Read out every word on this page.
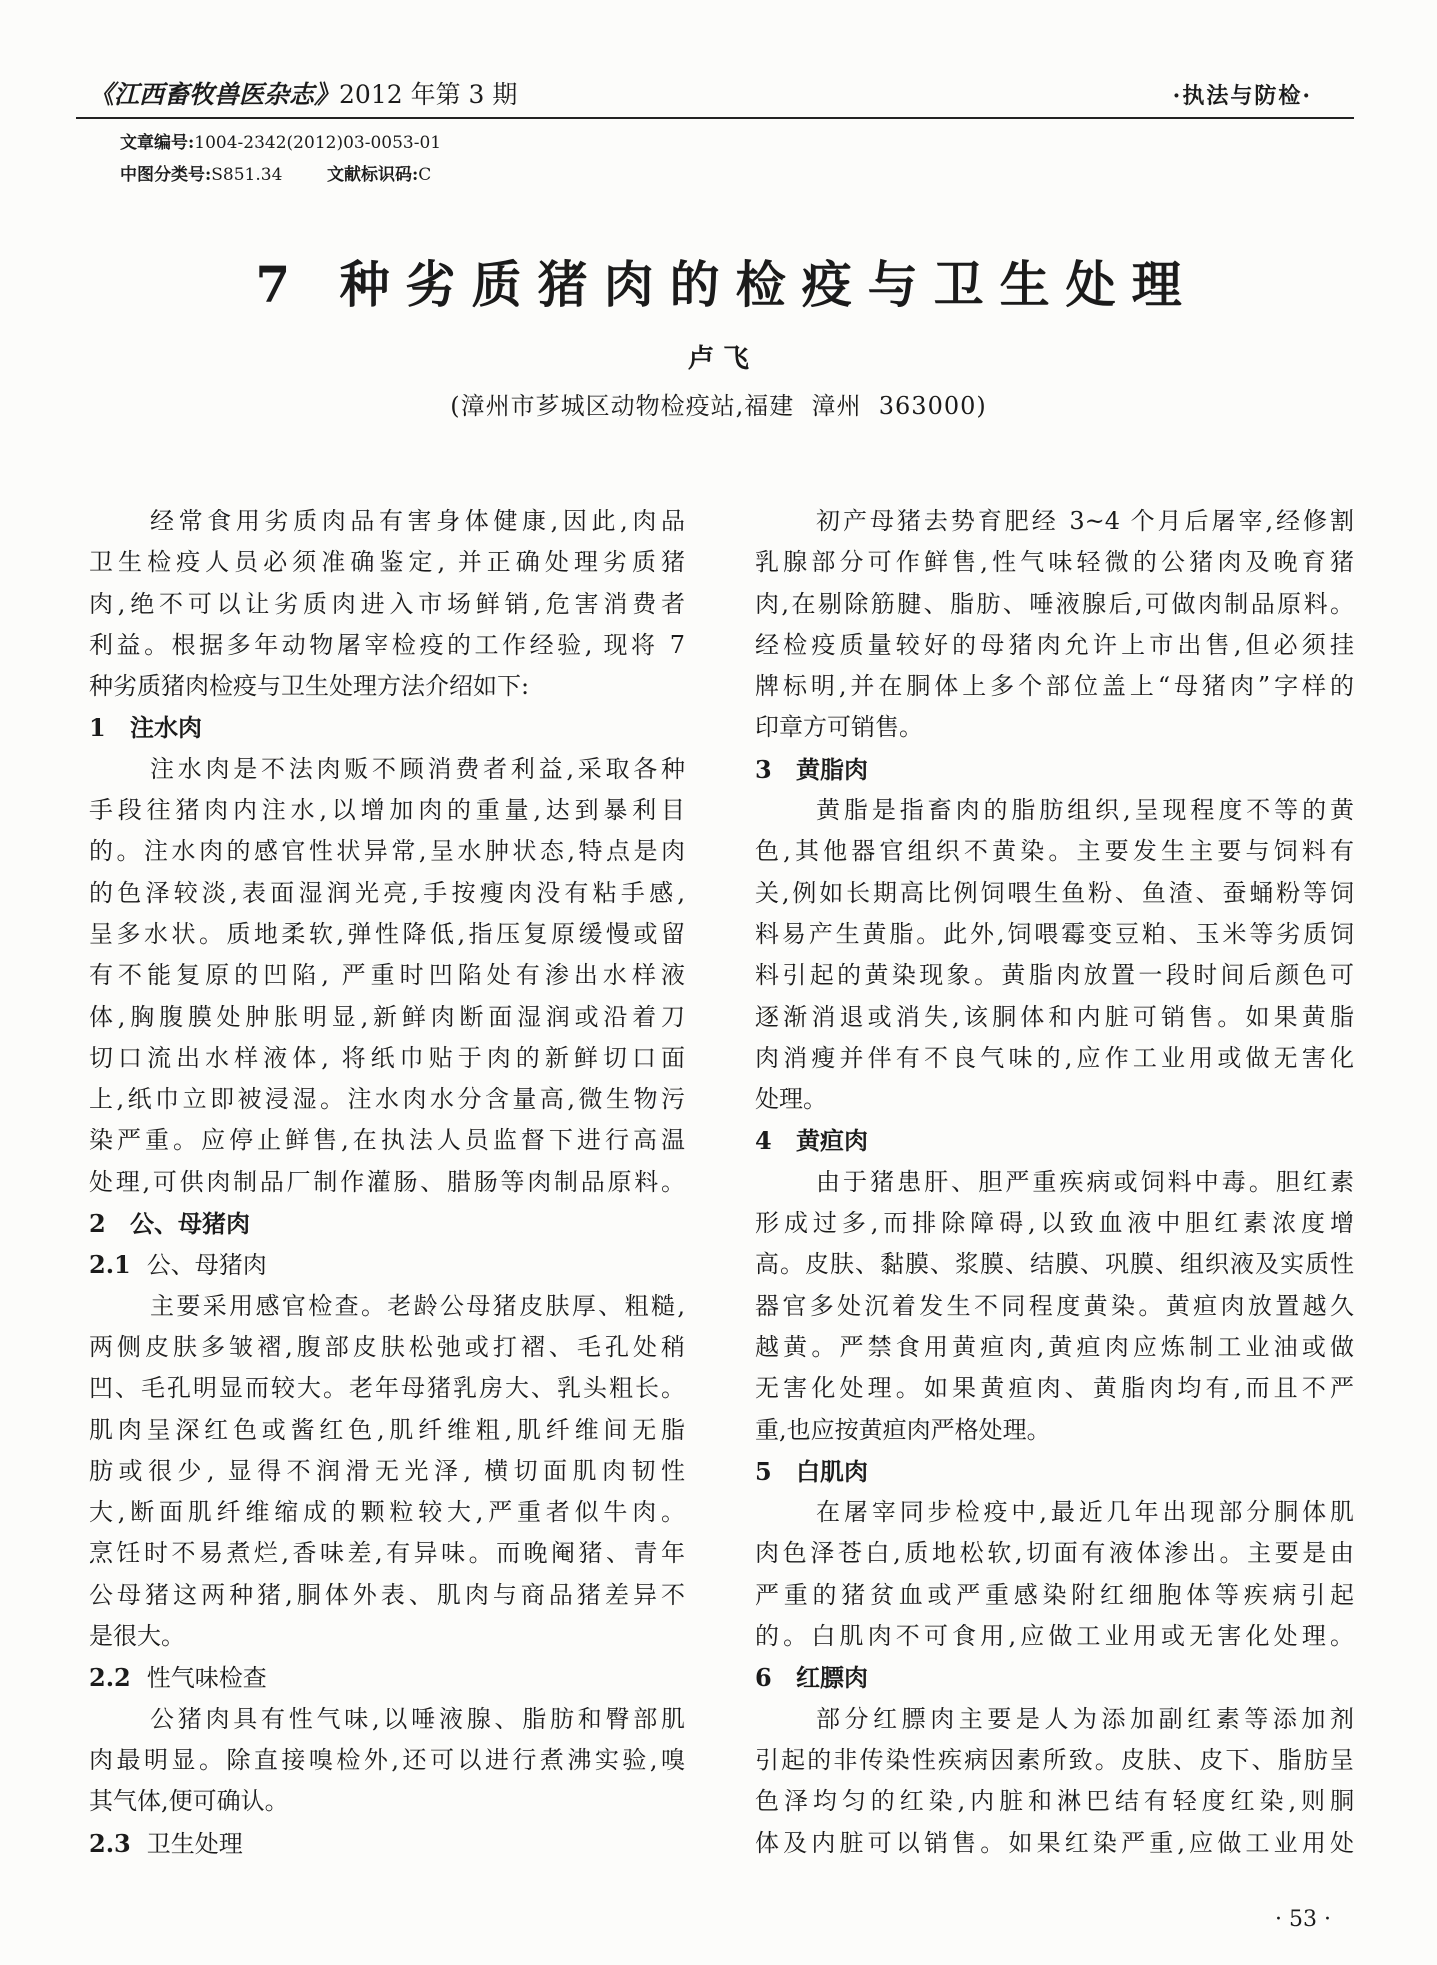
《江西畜牧兽医杂志》2012 年第 3 期	·执法与防检·
文章编号:1004-2342(2012)03-0053-01
中图分类号:S851.34	文献标识码:C
7 种劣质猪肉的检疫与卫生处理
卢 飞
(漳州市芗城区动物检疫站,福建  漳州  363000)
经常食用劣质肉品有害身体健康,因此,肉品
卫生检疫人员必须准确鉴定, 并正确处理劣质猪
肉,绝不可以让劣质肉进入市场鲜销,危害消费者
利益。根据多年动物屠宰检疫的工作经验, 现将 7
种劣质猪肉检疫与卫生处理方法介绍如下:
1 注水肉
注水肉是不法肉贩不顾消费者利益,采取各种
手段往猪肉内注水,以增加肉的重量,达到暴利目
的。注水肉的感官性状异常,呈水肿状态,特点是肉
的色泽较淡,表面湿润光亮,手按瘦肉没有粘手感,
呈多水状。质地柔软,弹性降低,指压复原缓慢或留
有不能复原的凹陷, 严重时凹陷处有渗出水样液
体,胸腹膜处肿胀明显,新鲜肉断面湿润或沿着刀
切口流出水样液体, 将纸巾贴于肉的新鲜切口面
上,纸巾立即被浸湿。注水肉水分含量高,微生物污
染严重。应停止鲜售,在执法人员监督下进行高温
处理,可供肉制品厂制作灌肠、腊肠等肉制品原料。
2 公、母猪肉
2.1 公、母猪肉
主要采用感官检查。老龄公母猪皮肤厚、粗糙,
两侧皮肤多皱褶,腹部皮肤松弛或打褶、毛孔处稍
凹、毛孔明显而较大。老年母猪乳房大、乳头粗长。
肌肉呈深红色或酱红色,肌纤维粗,肌纤维间无脂
肪或很少, 显得不润滑无光泽, 横切面肌肉韧性
大,断面肌纤维缩成的颗粒较大,严重者似牛肉。
烹饪时不易煮烂,香味差,有异味。而晚阉猪、青年
公母猪这两种猪,胴体外表、肌肉与商品猪差异不
是很大。
2.2 性气味检查
公猪肉具有性气味,以唾液腺、脂肪和臀部肌
肉最明显。除直接嗅检外,还可以进行煮沸实验,嗅
其气体,便可确认。
2.3 卫生处理
初产母猪去势育肥经 3~4 个月后屠宰,经修割
乳腺部分可作鲜售,性气味轻微的公猪肉及晚育猪
肉,在剔除筋腱、脂肪、唾液腺后,可做肉制品原料。
经检疫质量较好的母猪肉允许上市出售,但必须挂
牌标明,并在胴体上多个部位盖上“母猪肉”字样的
印章方可销售。
3 黄脂肉
黄脂是指畜肉的脂肪组织,呈现程度不等的黄
色,其他器官组织不黄染。主要发生主要与饲料有
关,例如长期高比例饲喂生鱼粉、鱼渣、蚕蛹粉等饲
料易产生黄脂。此外,饲喂霉变豆粕、玉米等劣质饲
料引起的黄染现象。黄脂肉放置一段时间后颜色可
逐渐消退或消失,该胴体和内脏可销售。如果黄脂
肉消瘦并伴有不良气味的,应作工业用或做无害化
处理。
4 黄疸肉
由于猪患肝、胆严重疾病或饲料中毒。胆红素
形成过多,而排除障碍,以致血液中胆红素浓度增
高。皮肤、黏膜、浆膜、结膜、巩膜、组织液及实质性
器官多处沉着发生不同程度黄染。黄疸肉放置越久
越黄。严禁食用黄疸肉,黄疸肉应炼制工业油或做
无害化处理。如果黄疸肉、黄脂肉均有,而且不严
重,也应按黄疸肉严格处理。
5 白肌肉
在屠宰同步检疫中,最近几年出现部分胴体肌
肉色泽苍白,质地松软,切面有液体渗出。主要是由
严重的猪贫血或严重感染附红细胞体等疾病引起
的。白肌肉不可食用,应做工业用或无害化处理。
6 红膘肉
部分红膘肉主要是人为添加副红素等添加剂
引起的非传染性疾病因素所致。皮肤、皮下、脂肪呈
色泽均匀的红染,内脏和淋巴结有轻度红染,则胴
体及内脏可以销售。如果红染严重,应做工业用处
· 53 ·
